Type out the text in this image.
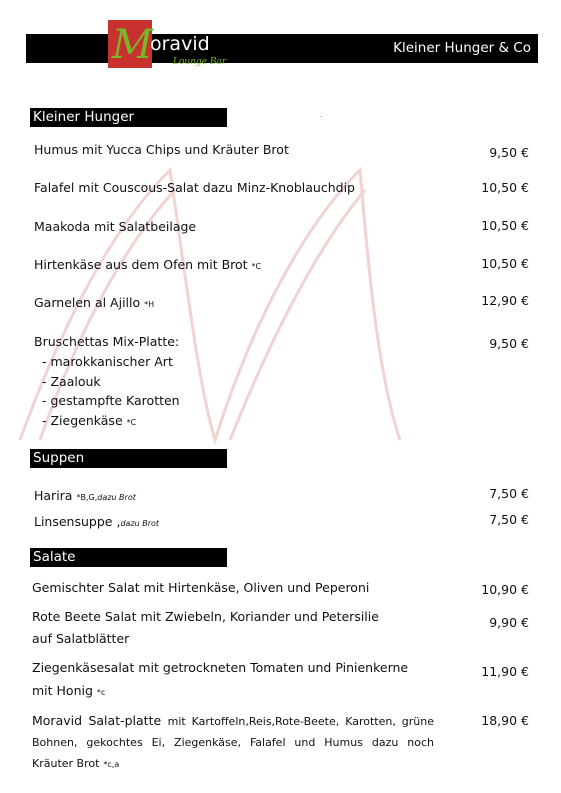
Kleiner Hunger & Co
M
oravid
Lounge Bar
.
Kleiner Hunger
Humus mit Yucca Chips und Kräuter Brot	9,50 €
Falafel mit Couscous-Salat dazu Minz-Knoblauchdip	10,50 €
Maakoda mit Salatbeilage	10,50 €
Hirtenkäse aus dem Ofen mit Brot *C	10,50 €
Garnelen al Ajillo *H	12,90 €
Bruschettas Mix-Platte:	9,50 €
- marokkanischer Art
- Zaalouk
- gestampfte Karotten
- Ziegenkäse *C
Suppen
Harira *B,G,dazu Brot	7,50 €
Linsensuppe ,dazu Brot	7,50 €
Salate
Gemischter Salat mit Hirtenkäse, Oliven und Peperoni	10,90 €
Rote Beete Salat mit Zwiebeln, Koriander und Petersilie
auf Salatblätter
9,90 €
Ziegenkäsesalat mit getrockneten Tomaten und Pinienkerne
mit Honig *c
11,90 €
Moravid Salat-platte mit Kartoffeln,Reis,Rote-Beete, Karotten, grüne Bohnen, gekochtes Ei, Ziegenkäse, Falafel und Humus dazu noch Kräuter Brot *c,a
18,90 €
